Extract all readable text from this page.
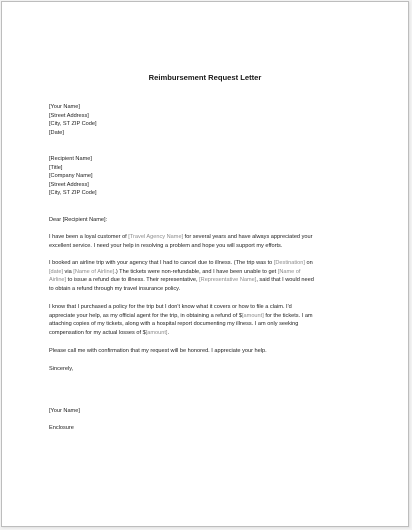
Reimbursement Request Letter
[Your Name]
[Street Address]
[City, ST ZIP Code]
[Date]
[Recipient Name]
[Title]
[Company Name]
[Street Address]
[City, ST ZIP Code]
Dear [Recipient Name]:
I have been a loyal customer of [Travel Agency Name] for several years and have always appreciated your
excellent service. I need your help in resolving a problem and hope you will support my efforts.
I booked an airline trip with your agency that I had to cancel due to illness. (The trip was to [Destination] on
[date] via [Name of Airline].) The tickets were non-refundable, and I have been unable to get [Name of
Airline] to issue a refund due to illness. Their representative, [Representative Name], said that I would need
to obtain a refund through my travel insurance policy.
I know that I purchased a policy for the trip but I don't know what it covers or how to file a claim. I'd
appreciate your help, as my official agent for the trip, in obtaining a refund of $[amount] for the tickets. I am
attaching copies of my tickets, along with a hospital report documenting my illness. I am only seeking
compensation for my actual losses of $[amount].
Please call me with confirmation that my request will be honored. I appreciate your help.
Sincerely,
[Your Name]
Enclosure
